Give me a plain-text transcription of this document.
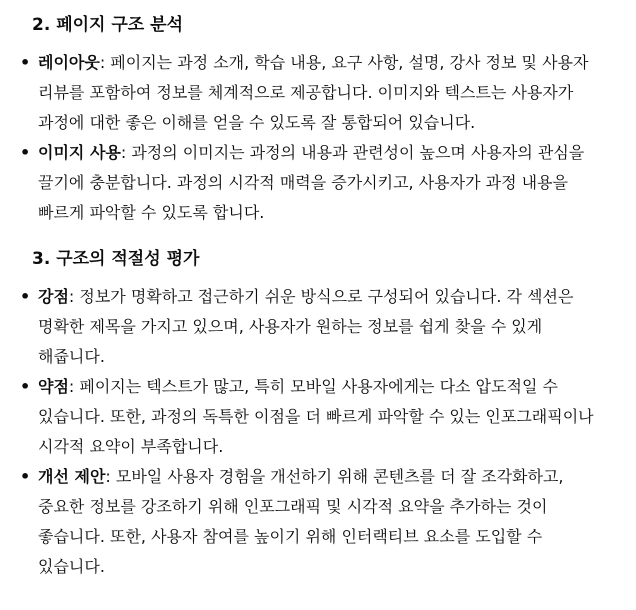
2. 페이지 구조 분석
• 레이아웃: 페이지는 과정 소개, 학습 내용, 요구 사항, 설명, 강사 정보 및 사용자 리뷰를 포함하여 정보를 체계적으로 제공합니다. 이미지와 텍스트는 사용자가 과정에 대한 좋은 이해를 얻을 수 있도록 잘 통합되어 있습니다.
• 이미지 사용: 과정의 이미지는 과정의 내용과 관련성이 높으며 사용자의 관심을 끌기에 충분합니다. 과정의 시각적 매력을 증가시키고, 사용자가 과정 내용을 빠르게 파악할 수 있도록 합니다.
3. 구조의 적절성 평가
• 강점: 정보가 명확하고 접근하기 쉬운 방식으로 구성되어 있습니다. 각 섹션은 명확한 제목을 가지고 있으며, 사용자가 원하는 정보를 쉽게 찾을 수 있게 해줍니다.
• 약점: 페이지는 텍스트가 많고, 특히 모바일 사용자에게는 다소 압도적일 수 있습니다. 또한, 과정의 독특한 이점을 더 빠르게 파악할 수 있는 인포그래픽이나 시각적 요약이 부족합니다.
• 개선 제안: 모바일 사용자 경험을 개선하기 위해 콘텐츠를 더 잘 조각화하고, 중요한 정보를 강조하기 위해 인포그래픽 및 시각적 요약을 추가하는 것이 좋습니다. 또한, 사용자 참여를 높이기 위해 인터랙티브 요소를 도입할 수 있습니다.
